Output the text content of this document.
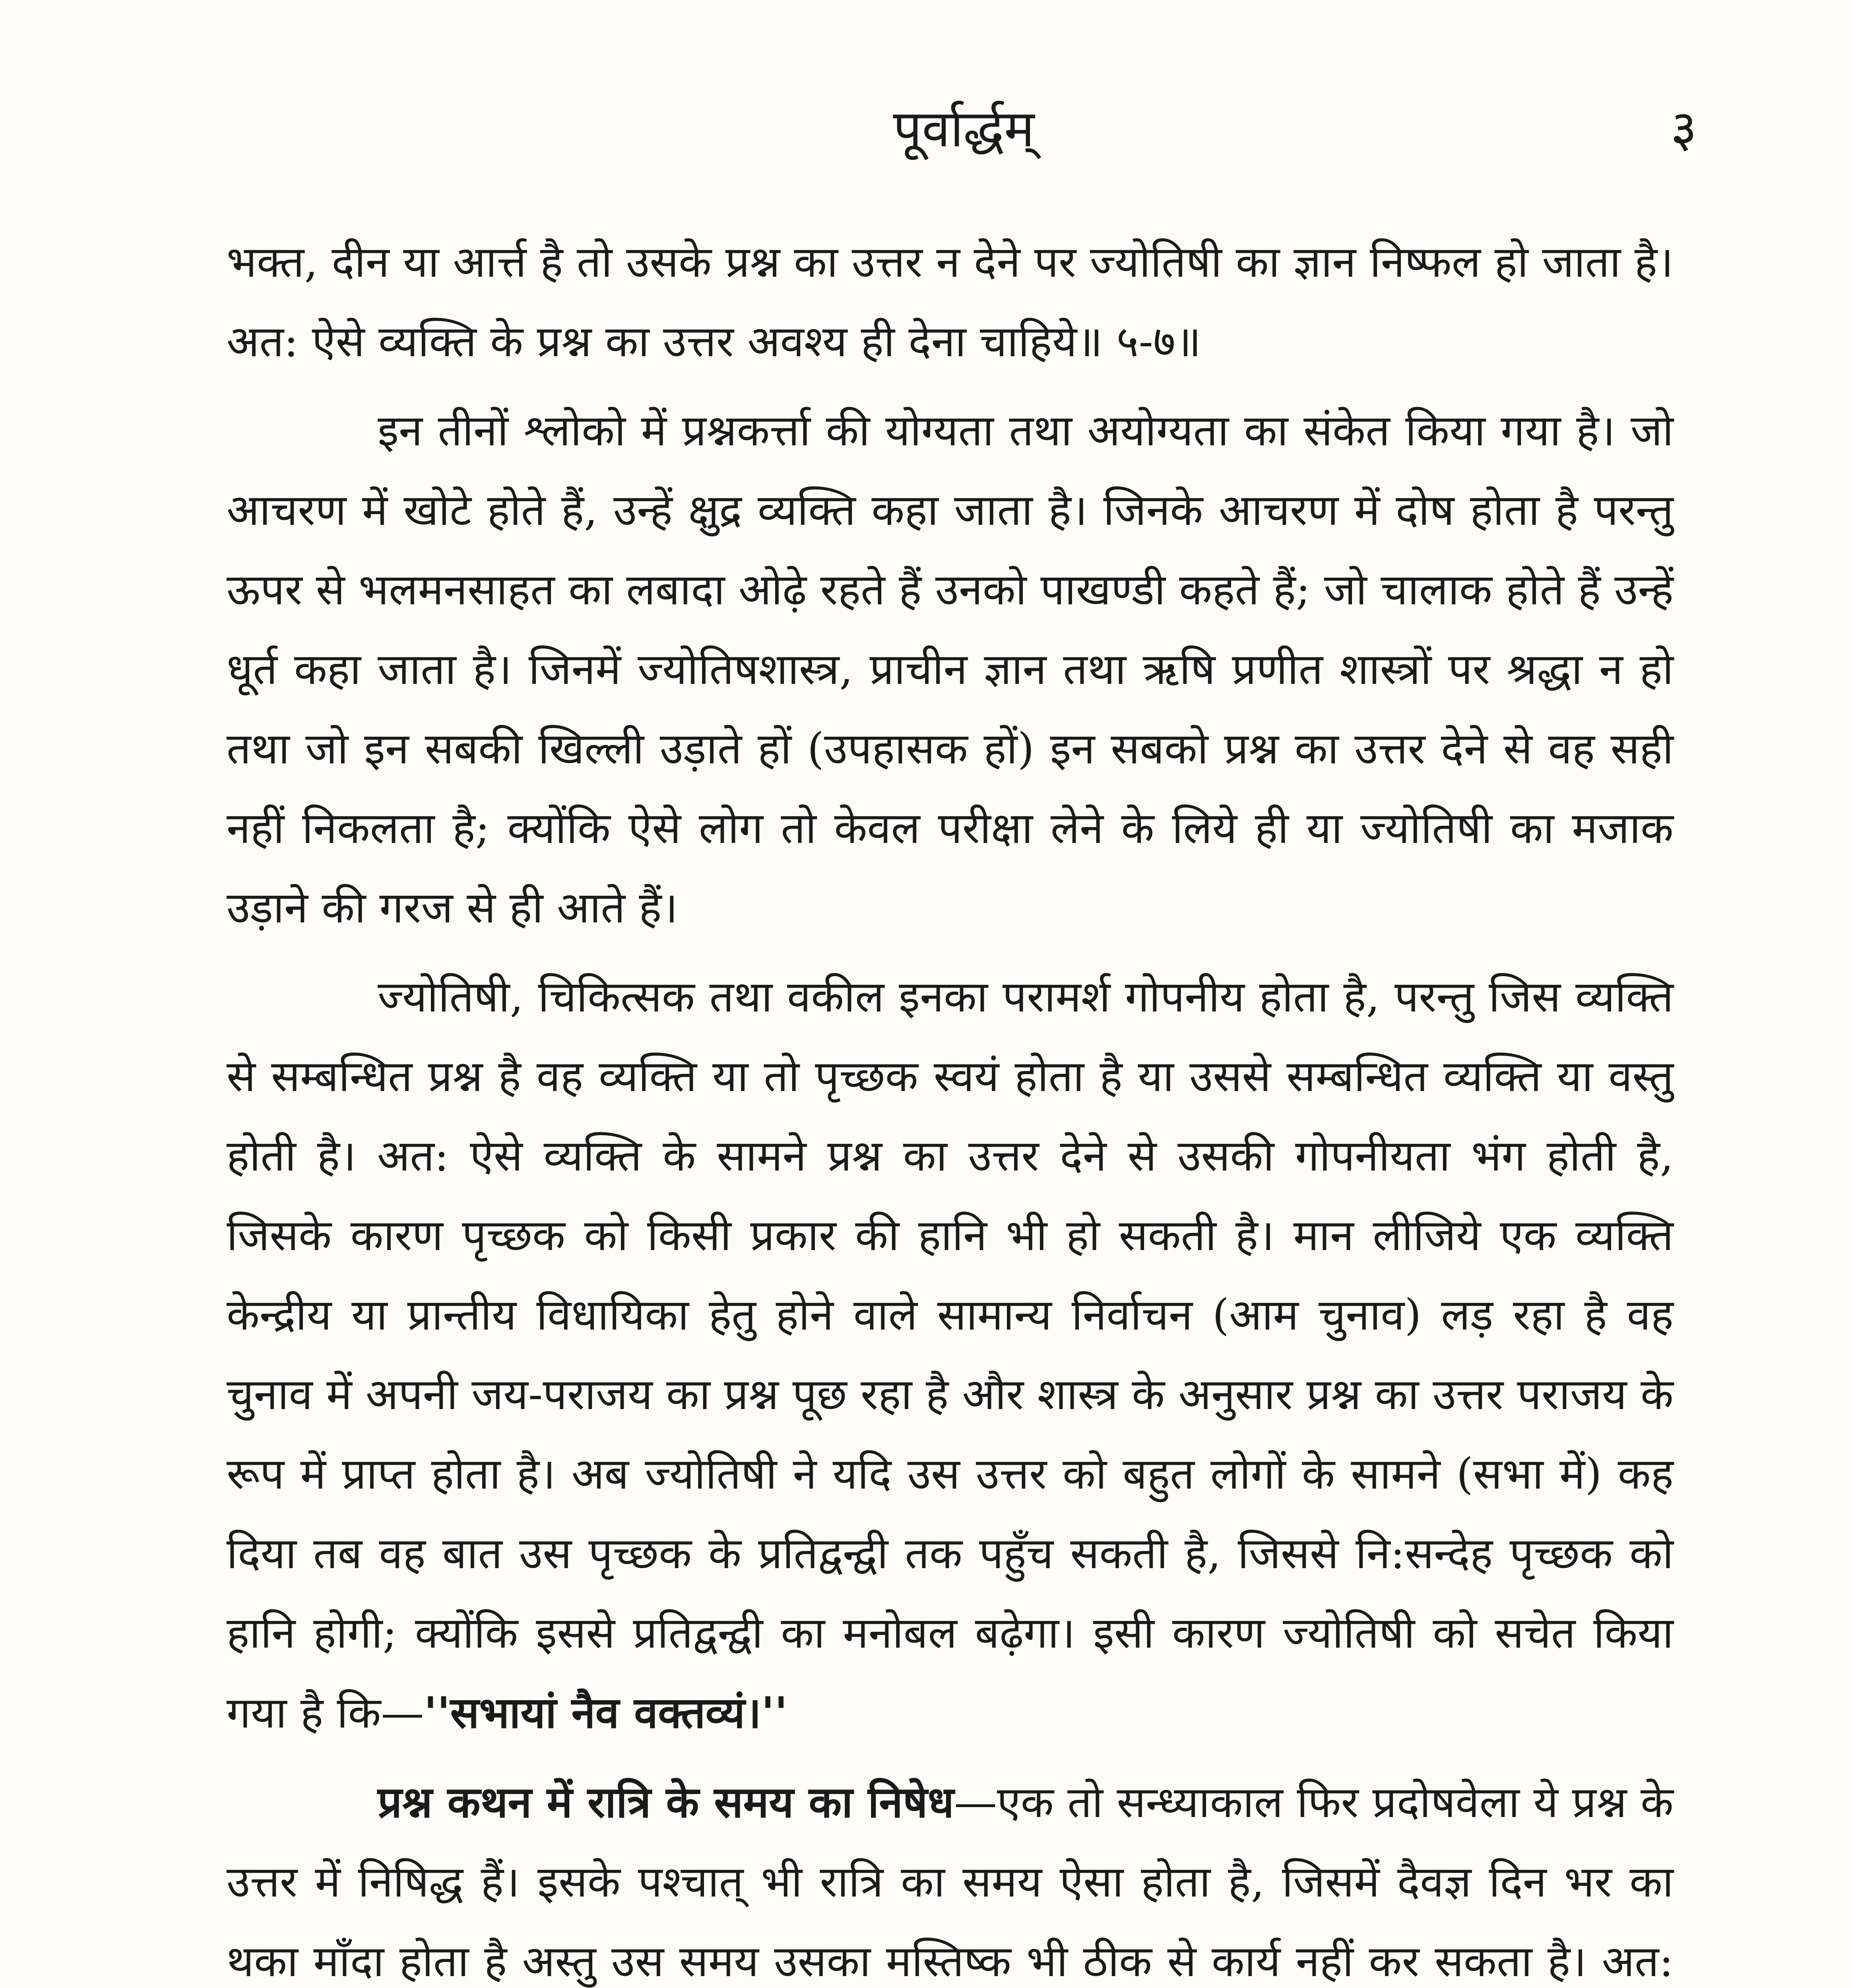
पूर्वार्द्धम्	३

भक्त, दीन या आर्त्त है तो उसके प्रश्न का उत्तर न देने पर ज्योतिषी का ज्ञान निष्फल हो जाता है। अत: ऐसे व्यक्ति के प्रश्न का उत्तर अवश्य ही देना चाहिये॥ ५-७॥

इन तीनों श्लोको में प्रश्नकर्त्ता की योग्यता तथा अयोग्यता का संकेत किया गया है। जो आचरण में खोटे होते हैं, उन्हें क्षुद्र व्यक्ति कहा जाता है। जिनके आचरण में दोष होता है परन्तु ऊपर से भलमनसाहत का लबादा ओढ़े रहते हैं उनको पाखण्डी कहते हैं; जो चालाक होते हैं उन्हें धूर्त कहा जाता है। जिनमें ज्योतिषशास्त्र, प्राचीन ज्ञान तथा ऋषि प्रणीत शास्त्रों पर श्रद्धा न हो तथा जो इन सबकी खिल्ली उड़ाते हों (उपहासक हों) इन सबको प्रश्न का उत्तर देने से वह सही नहीं निकलता है; क्योंकि ऐसे लोग तो केवल परीक्षा लेने के लिये ही या ज्योतिषी का मजाक उड़ाने की गरज से ही आते हैं।

ज्योतिषी, चिकित्सक तथा वकील इनका परामर्श गोपनीय होता है, परन्तु जिस व्यक्ति से सम्बन्धित प्रश्न है वह व्यक्ति या तो पृच्छक स्वयं होता है या उससे सम्बन्धित व्यक्ति या वस्तु होती है। अत: ऐसे व्यक्ति के सामने प्रश्न का उत्तर देने से उसकी गोपनीयता भंग होती है, जिसके कारण पृच्छक को किसी प्रकार की हानि भी हो सकती है। मान लीजिये एक व्यक्ति केन्द्रीय या प्रान्तीय विधायिका हेतु होने वाले सामान्य निर्वाचन (आम चुनाव) लड़ रहा है वह चुनाव में अपनी जय-पराजय का प्रश्न पूछ रहा है और शास्त्र के अनुसार प्रश्न का उत्तर पराजय के रूप में प्राप्त होता है। अब ज्योतिषी ने यदि उस उत्तर को बहुत लोगों के सामने (सभा में) कह दिया तब वह बात उस पृच्छक के प्रतिद्वन्द्वी तक पहुँच सकती है, जिससे नि:सन्देह पृच्छक को हानि होगी; क्योंकि इससे प्रतिद्वन्द्वी का मनोबल बढ़ेगा। इसी कारण ज्योतिषी को सचेत किया गया है कि—''सभायां नैव वक्तव्यं।''

प्रश्न कथन में रात्रि के समय का निषेध—एक तो सन्ध्याकाल फिर प्रदोषवेला ये प्रश्न के उत्तर में निषिद्ध हैं। इसके पश्चात् भी रात्रि का समय ऐसा होता है, जिसमें दैवज्ञ दिन भर का थका माँदा होता है अस्तु उस समय उसका मस्तिष्क भी ठीक से कार्य नहीं कर सकता है। अत:
